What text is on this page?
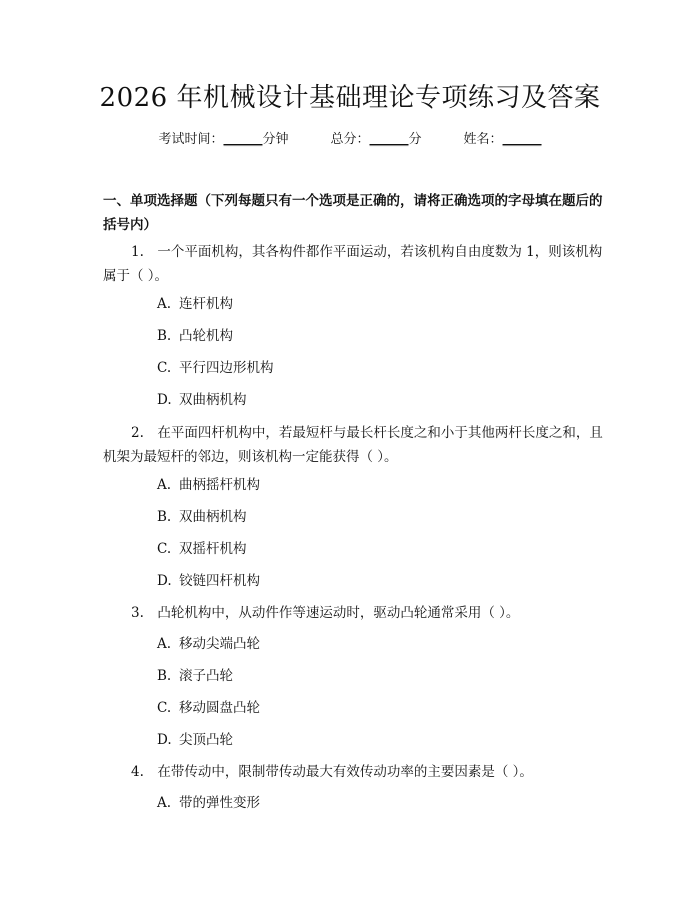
2026 年机械设计基础理论专项练习及答案
考试时间：______分钟	总分：______分	姓名：______
一、单项选择题（下列每题只有一个选项是正确的，请将正确选项的字母填在题后的括号内）
1.　一个平面机构，其各构件都作平面运动，若该机构自由度数为 1，则该机构属于（ ）。
A. 连杆机构
B. 凸轮机构
C. 平行四边形机构
D. 双曲柄机构
2.　在平面四杆机构中，若最短杆与最长杆长度之和小于其他两杆长度之和，且机架为最短杆的邻边，则该机构一定能获得（ ）。
A. 曲柄摇杆机构
B. 双曲柄机构
C. 双摇杆机构
D. 铰链四杆机构
3.　凸轮机构中，从动件作等速运动时，驱动凸轮通常采用（ ）。
A. 移动尖端凸轮
B. 滚子凸轮
C. 移动圆盘凸轮
D. 尖顶凸轮
4.　在带传动中，限制带传动最大有效传动功率的主要因素是（ ）。
A. 带的弹性变形
